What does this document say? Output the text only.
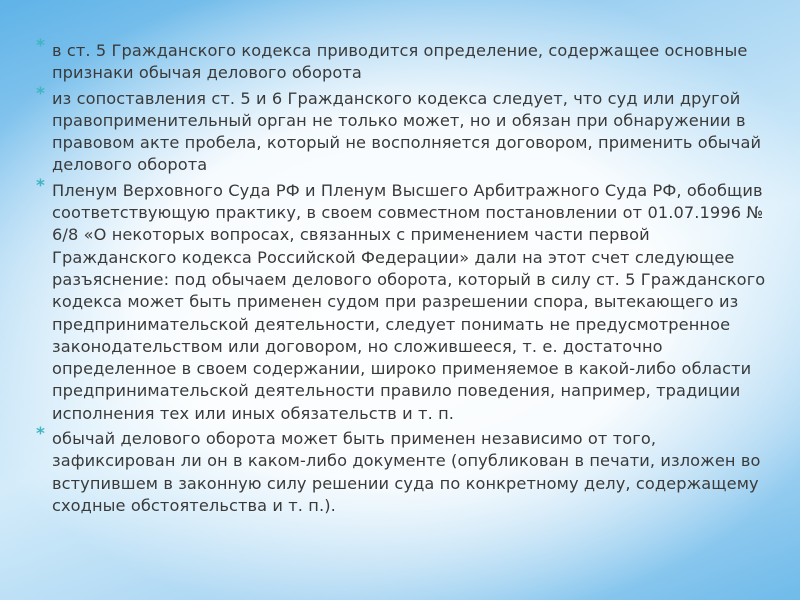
* в ст. 5 Гражданского кодекса приводится определение, содержащее основные признаки обычая делового оборота
* из сопоставления ст. 5 и 6 Гражданского кодекса следует, что суд или другой правоприменительный орган не только может, но и обязан при обнаружении в правовом акте пробела, который не восполняется договором, применить обычай делового оборота
* Пленум Верховного Суда РФ и Пленум Высшего Арбитражного Суда РФ, обобщив соответствующую практику, в своем совместном постановлении от 01.07.1996 № 6/8 «О некоторых вопросах, связанных с применением части первой Гражданского кодекса Российской Федерации» дали на этот счет следующее разъяснение: под обычаем делового оборота, который в силу ст. 5 Гражданского кодекса может быть применен судом при разрешении спора, вытекающего из предпринимательской деятельности, следует понимать не предусмотренное законодательством или договором, но сложившееся, т. е. достаточно определенное в своем содержании, широко применяемое в какой-либо области предпринимательской деятельности правило поведения, например, традиции исполнения тех или иных обязательств и т. п.
* обычай делового оборота может быть применен независимо от того, зафиксирован ли он в каком-либо документе (опубликован в печати, изложен во вступившем в законную силу решении суда по конкретному делу, содержащему сходные обстоятельства и т. п.).
